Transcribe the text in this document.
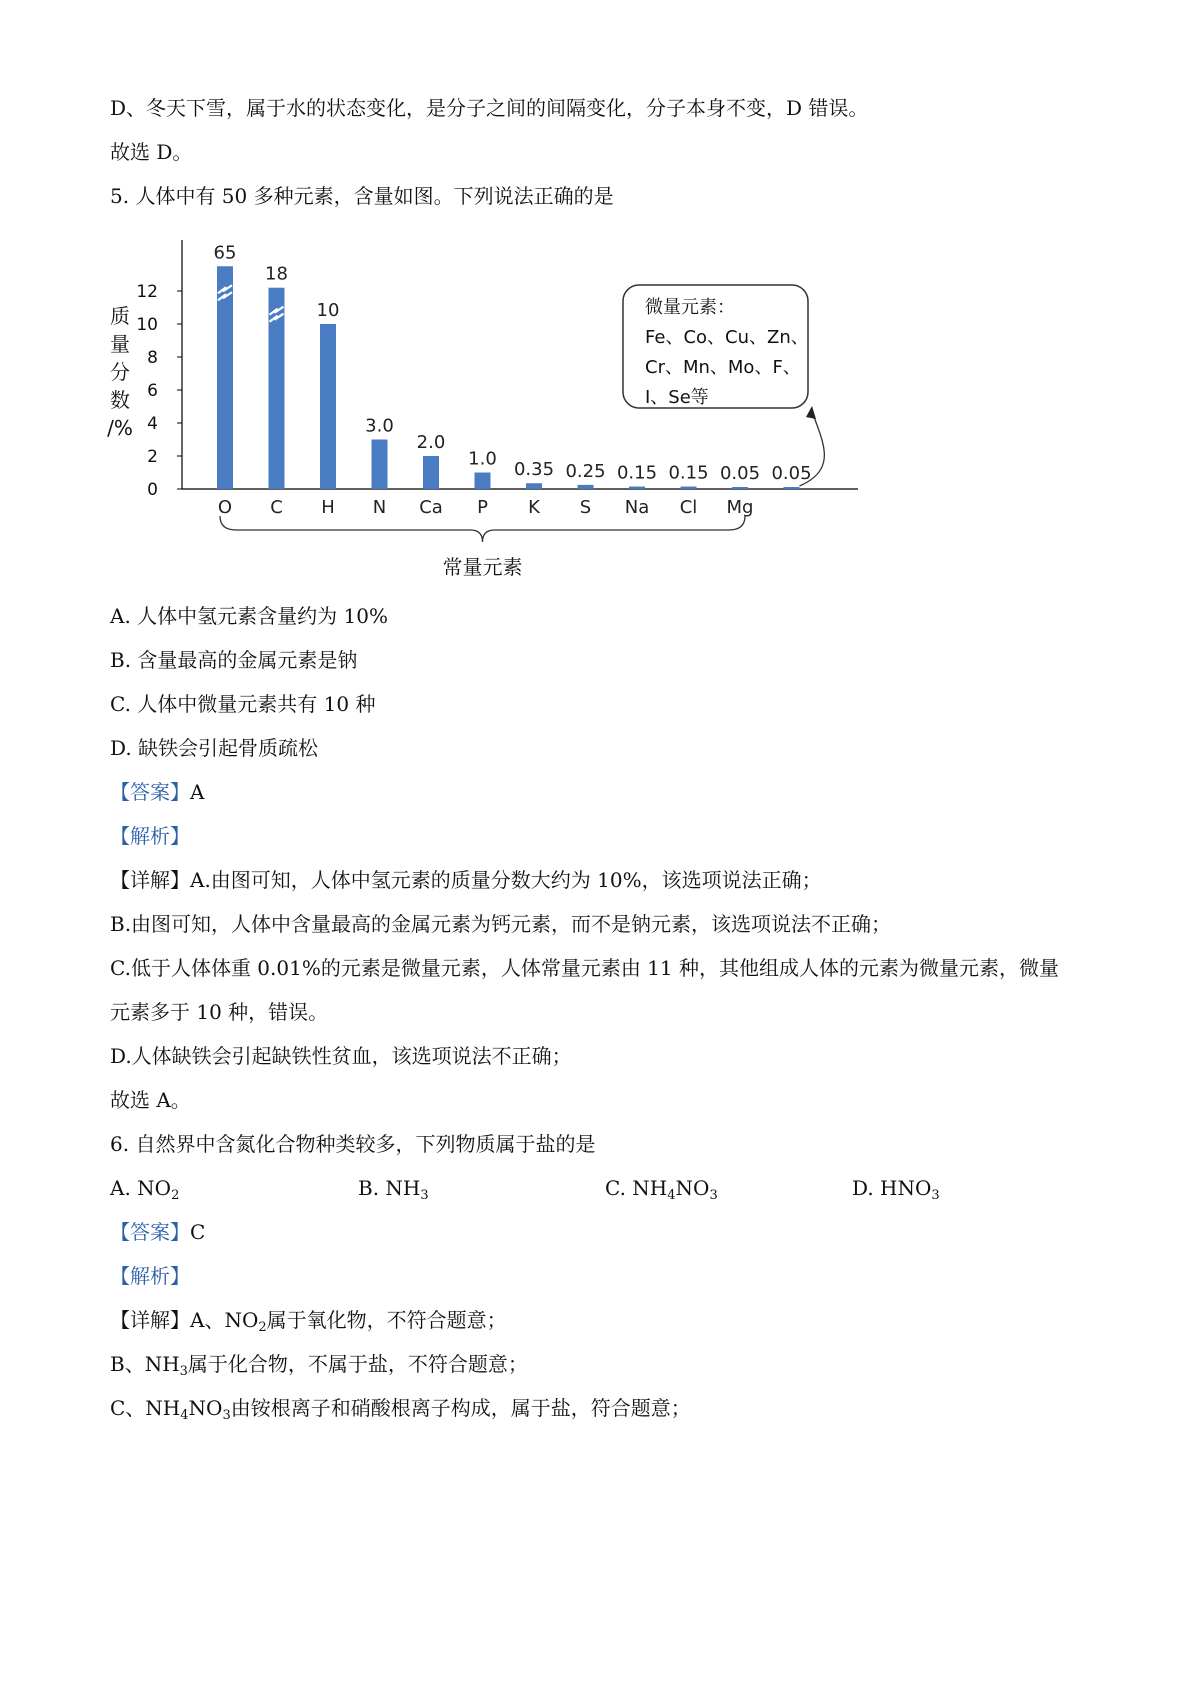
D、冬天下雪，属于水的状态变化，是分子之间的间隔变化，分子本身不变，D 错误。
故选 D。
5. 人体中有 50 多种元素，含量如图。下列说法正确的是
0
2
4
6
8
10
12
质
量
分
数
/%
65
O
18
C
10
H
3.0
N
2.0
Ca
1.0
P
0.35
K
0.25
S
0.15
Na
0.15
Cl
0.05
Mg
0.05
常量元素
微量元素：
Fe、Co、Cu、Zn、
Cr、Mn、Mo、F、
I、Se等
A. 人体中氢元素含量约为 10%
B. 含量最高的金属元素是钠
C. 人体中微量元素共有 10 种
D. 缺铁会引起骨质疏松
【答案】A
【解析】
【详解】A.由图可知，人体中氢元素的质量分数大约为 10%，该选项说法正确；
B.由图可知，人体中含量最高的金属元素为钙元素，而不是钠元素，该选项说法不正确；
C.低于人体体重 0.01%的元素是微量元素，人体常量元素由 11 种，其他组成人体的元素为微量元素，微量
元素多于 10 种，错误。
D.人体缺铁会引起缺铁性贫血，该选项说法不正确；
故选 A。
6. 自然界中含氮化合物种类较多，下列物质属于盐的是
A. $NO_2$	B. $NH_3$	C. $NH_4NO_3$	D. $HNO_3$
【答案】C
【解析】
【详解】A、$NO_2$属于氧化物，不符合题意；
B、$NH_3$属于化合物，不属于盐，不符合题意；
C、$NH_4NO_3$由铵根离子和硝酸根离子构成，属于盐，符合题意；
